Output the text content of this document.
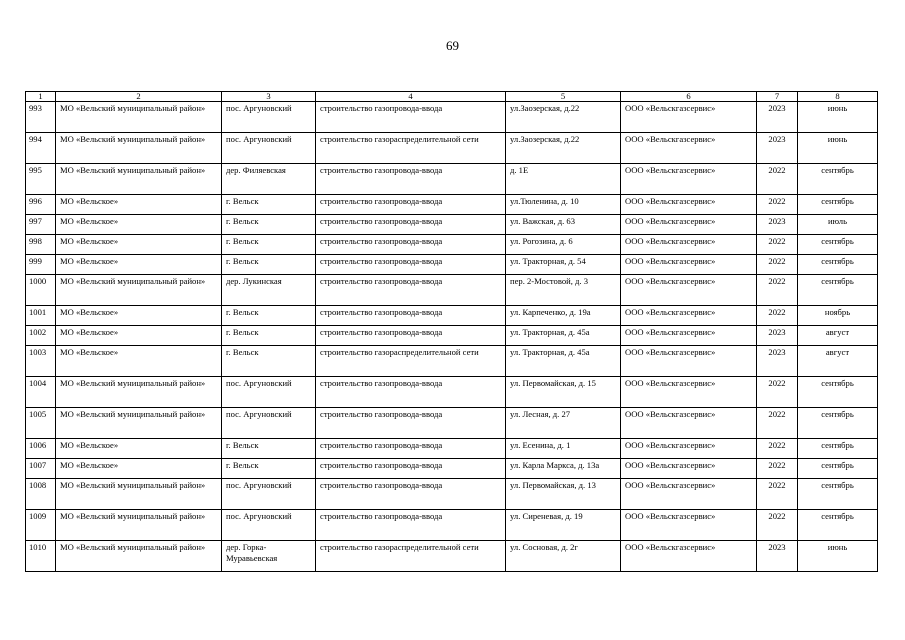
69
1	2	3	4	5	6	7	8
993	МО «Вельский муниципальный район»	пос. Аргуновский	строительство газопровода-ввода	ул.Заозерская, д.22	ООО «Вельскгазсервис»	2023	июнь
994	МО «Вельский муниципальный район»	пос. Аргуновский	строительство газораспределительной сети	ул.Заозерская, д.22	ООО «Вельскгазсервис»	2023	июнь
995	МО «Вельский муниципальный район»	дер. Филяевская	строительство газопровода-ввода	д. 1Е	ООО «Вельскгазсервис»	2022	сентябрь
996	МО «Вельское»	г. Вельск	строительство газопровода-ввода	ул.Тюленина, д. 10	ООО «Вельскгазсервис»	2022	сентябрь
997	МО «Вельское»	г. Вельск	строительство газопровода-ввода	ул. Важская, д. 63	ООО «Вельскгазсервис»	2023	июль
998	МО «Вельское»	г. Вельск	строительство газопровода-ввода	ул. Рогозина, д. 6	ООО «Вельскгазсервис»	2022	сентябрь
999	МО «Вельское»	г. Вельск	строительство газопровода-ввода	ул. Тракторная, д. 54	ООО «Вельскгазсервис»	2022	сентябрь
1000	МО «Вельский муниципальный район»	дер. Лукинская	строительство газопровода-ввода	пер. 2-Мостовой, д. 3	ООО «Вельскгазсервис»	2022	сентябрь
1001	МО «Вельское»	г. Вельск	строительство газопровода-ввода	ул. Карпеченко, д. 19а	ООО «Вельскгазсервис»	2022	ноябрь
1002	МО «Вельское»	г. Вельск	строительство газопровода-ввода	ул. Тракторная, д. 45а	ООО «Вельскгазсервис»	2023	август
1003	МО «Вельское»	г. Вельск	строительство газораспределительной сети	ул. Тракторная, д. 45а	ООО «Вельскгазсервис»	2023	август
1004	МО «Вельский муниципальный район»	пос. Аргуновский	строительство газопровода-ввода	ул. Первомайская, д. 15	ООО «Вельскгазсервис»	2022	сентябрь
1005	МО «Вельский муниципальный район»	пос. Аргуновский	строительство газопровода-ввода	ул. Лесная, д. 27	ООО «Вельскгазсервис»	2022	сентябрь
1006	МО «Вельское»	г. Вельск	строительство газопровода-ввода	ул. Есенина, д. 1	ООО «Вельскгазсервис»	2022	сентябрь
1007	МО «Вельское»	г. Вельск	строительство газопровода-ввода	ул. Карла Маркса, д. 13а	ООО «Вельскгазсервис»	2022	сентябрь
1008	МО «Вельский муниципальный район»	пос. Аргуновский	строительство газопровода-ввода	ул. Первомайская, д. 13	ООО «Вельскгазсервис»	2022	сентябрь
1009	МО «Вельский муниципальный район»	пос. Аргуновский	строительство газопровода-ввода	ул. Сиреневая, д. 19	ООО «Вельскгазсервис»	2022	сентябрь
1010	МО «Вельский муниципальный район»	дер. Горка-Муравьевская	строительство газораспределительной сети	ул. Сосновая, д. 2г	ООО «Вельскгазсервис»	2023	июнь
